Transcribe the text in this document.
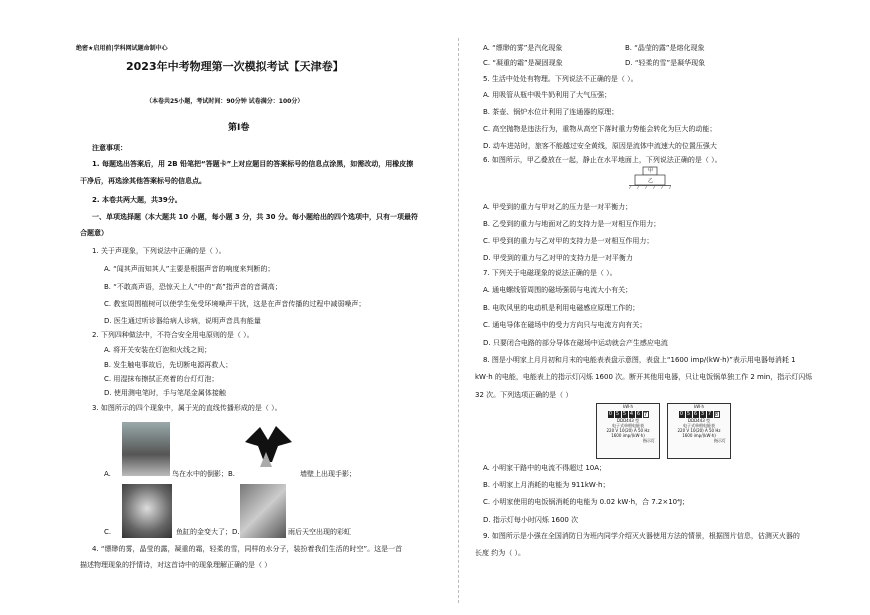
绝密★启用前|学科网试题命制中心
2023年中考物理第一次模拟考试【天津卷】
（本卷共25小题，考试时间：90分钟 试卷满分：100分）
第Ⅰ卷
注意事项：
1. 每题选出答案后，用 2B 铅笔把“答题卡”上对应题目的答案标号的信息点涂黑，如需改动，用橡皮擦
干净后，再选涂其他答案标号的信息点。
2. 本卷共两大题，共39分。
一、单项选择题（本大题共 10 小题，每小题 3 分，共 30 分。每小题给出的四个选项中，只有一项最符
合题意）
1. 关于声现象，下列说法中正确的是（ ）。
A. “闻其声而知其人”主要是根据声音的响度来判断的；
B. “不敢高声语，恐惊天上人”中的“高”指声音的音调高；
C. 教室周围植树可以使学生免受环境噪声干扰，这是在声音传播的过程中减弱噪声；
D. 医生通过听诊器给病人诊病，说明声音具有能量
2. 下列四种做法中，不符合安全用电原则的是（ ）。
A. 将开关安装在灯泡和火线之间；
B. 发生触电事故后，先切断电源再救人；
C. 用湿抹布擦拭正亮着的台灯灯泡；
D. 使用测电笔时，手与笔尾金属体接触
3. 如图所示的四个现象中，属于光的直线传播形成的是（ ）。
A.	鸟在水中的倒影；B.	墙壁上出现手影；
C.	鱼缸的金变大了；D.	雨后天空出现的彩虹
4. “缥缈的雾，晶莹的露，凝重的霜，轻柔的雪，同样的水分子，装扮着我们生活的时空”。这是一首
描述物理现象的抒情诗，对这首诗中的现象理解正确的是（ ）
A. “缥缈的雾”是汽化现象	B. “晶莹的露”是熔化现象
C. “凝重的霜”是凝固现象	D. “轻柔的雪”是凝华现象
5. 生活中处处有物理。下列说法不正确的是（ ）。
A. 用吸管从瓶中吸牛奶利用了大气压强；
B. 茶壶、锅炉水位计利用了连通器的原理；
C. 高空抛物是违法行为，重物从高空下落时重力势能会转化为巨大的动能；
D. 动车进站时，旅客不能越过安全黄线，原因是流体中流速大的位置压强大
6. 如图所示，甲乙叠放在一起，静止在水平地面上，下列说法正确的是（ ）。
甲
乙
A. 甲受到的重力与甲对乙的压力是一对平衡力；
B. 乙受到的重力与地面对乙的支持力是一对相互作用力；
C. 甲受到的重力与乙对甲的支持力是一对相互作用力；
D. 甲受到的重力与乙对甲的支持力是一对平衡力
7. 下列关于电磁现象的说法正确的是（ ）。
A. 通电螺线管周围的磁场强弱与电流大小有关；
B. 电吹风里的电动机是利用电磁感应原理工作的；
C. 通电导体在磁场中的受力方向只与电流方向有关；
D. 只要闭合电路的部分导体在磁场中运动就会产生感应电流
8. 图是小明家上月月初和月末的电能表表盘示意图，表盘上“1600 imp/(kW·h)”表示用电器每消耗 1
kW·h 的电能，电能表上的指示灯闪烁 1600 次。断开其他用电器，只让电饭锅单独工作 2 min，指示灯闪烁
32 次。下列选项正确的是（ ）
kW·h
0 5 5 4 6 7
DDD443 型
电子式单相电能表
220 V 10(20) A 50 Hz
1600 imp/(kW·h)
指示灯
kW·h
0 5 6 3 7 8
DDD443 型
电子式单相电能表
220 V 10(20) A 50 Hz
1600 imp/(kW·h)
指示灯
A. 小明家干路中的电流不得超过 10A；
B. 小明家上月消耗的电能为 911kW·h；
C. 小明家使用的电饭锅消耗的电能为 0.02 kW·h，合 7.2×10⁴J；
D. 指示灯每小时闪烁 1600 次
9. 如图所示是小强在全国消防日为班内同学介绍灭火器使用方法的情景，根据图片信息，估测灭火器的
长度 约为（ ）。
